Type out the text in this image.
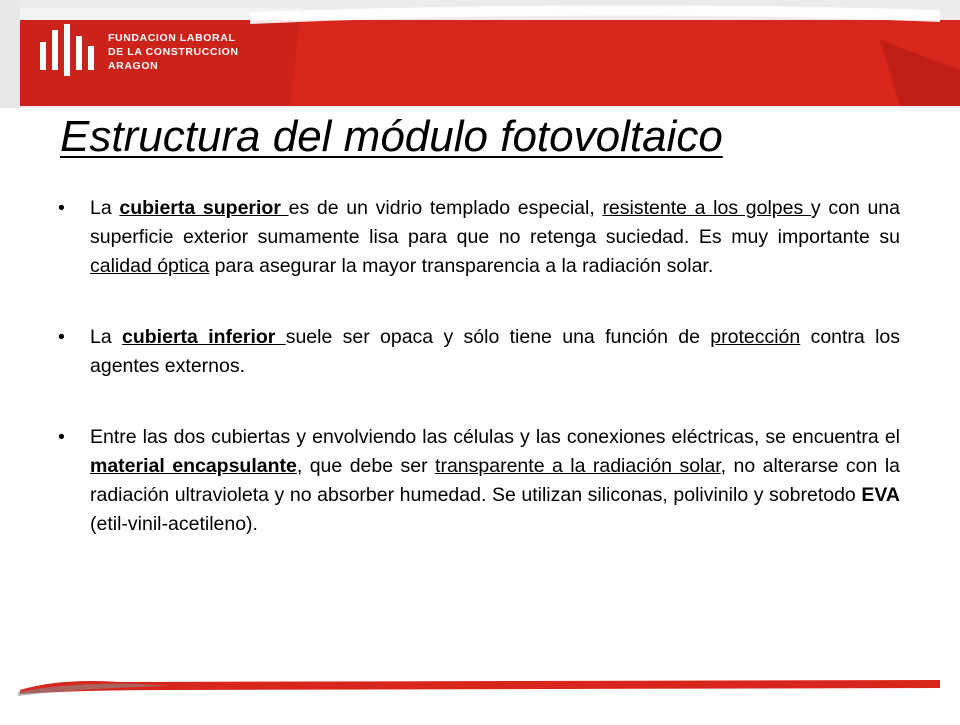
FUNDACION LABORAL
DE LA CONSTRUCCION
ARAGON
Estructura del módulo fotovoltaico
•	La cubierta superior es de un vidrio templado especial, resistente a los golpes y con una superficie exterior sumamente lisa para que no retenga suciedad. Es muy importante su calidad óptica para asegurar la mayor transparencia a la radiación solar.
•	La cubierta inferior suele ser opaca y sólo tiene una función de protección contra los agentes externos.
•	Entre las dos cubiertas y envolviendo las células y las conexiones eléctricas, se encuentra el material encapsulante, que debe ser transparente a la radiación solar, no alterarse con la radiación ultravioleta y no absorber humedad. Se utilizan siliconas, polivinilo y sobretodo EVA (etil-vinil-acetileno).
